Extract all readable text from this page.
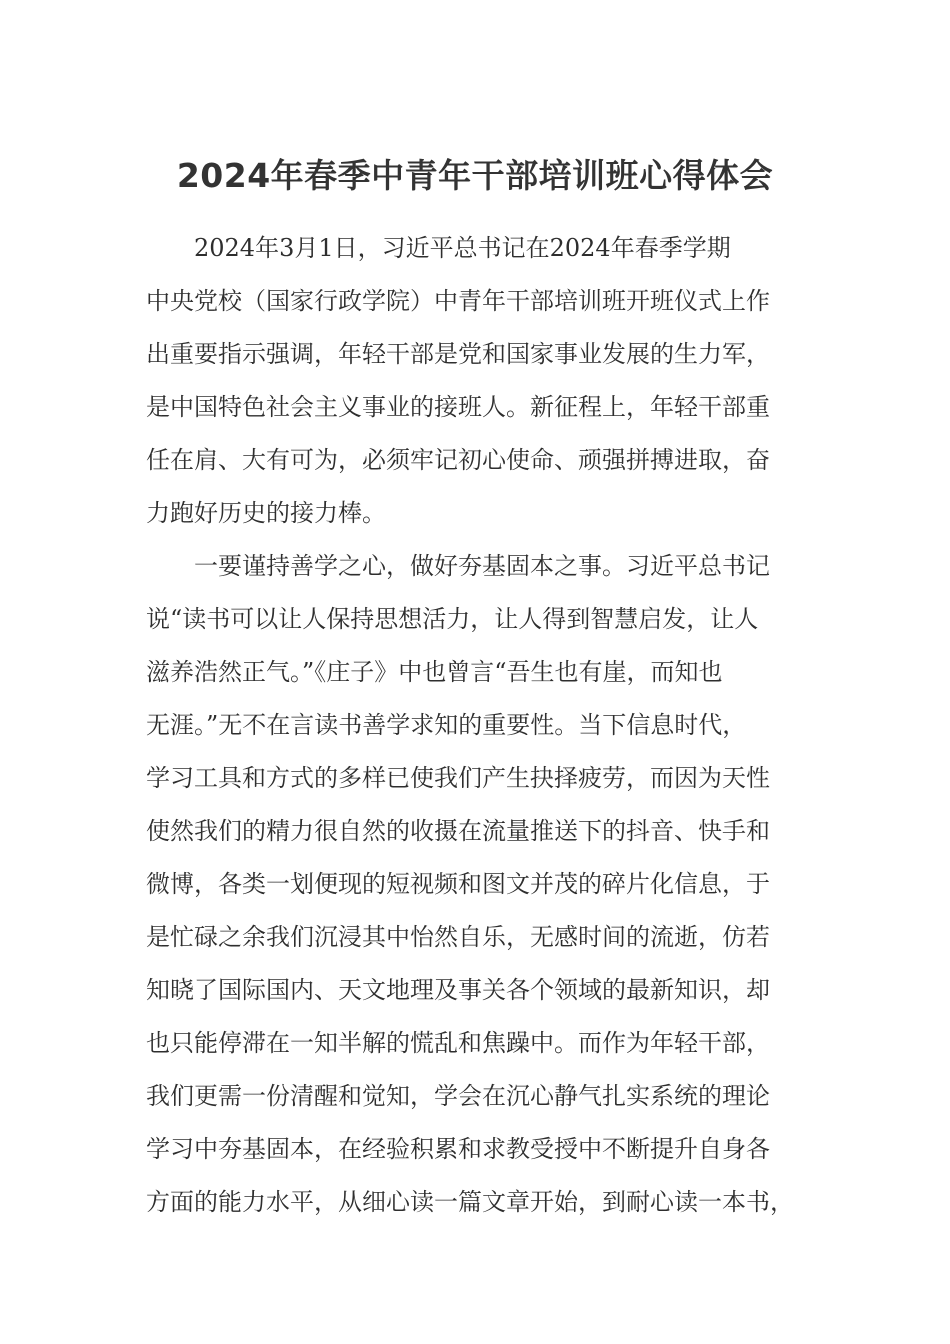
2024年春季中青年干部培训班心得体会
　　2024年3月1日，习近平总书记在2024年春季学期
中央党校（国家行政学院）中青年干部培训班开班仪式上作
出重要指示强调，年轻干部是党和国家事业发展的生力军，
是中国特色社会主义事业的接班人。新征程上，年轻干部重
任在肩、大有可为，必须牢记初心使命、顽强拼搏进取，奋
力跑好历史的接力棒。
　　一要谨持善学之心，做好夯基固本之事。习近平总书记
说“读书可以让人保持思想活力，让人得到智慧启发，让人
滋养浩然正气。”《庄子》中也曾言“吾生也有崖，而知也
无涯。”无不在言读书善学求知的重要性。当下信息时代，
学习工具和方式的多样已使我们产生抉择疲劳，而因为天性
使然我们的精力很自然的收摄在流量推送下的抖音、快手和
微博，各类一划便现的短视频和图文并茂的碎片化信息，于
是忙碌之余我们沉浸其中怡然自乐，无感时间的流逝，仿若
知晓了国际国内、天文地理及事关各个领域的最新知识，却
也只能停滞在一知半解的慌乱和焦躁中。而作为年轻干部，
我们更需一份清醒和觉知，学会在沉心静气扎实系统的理论
学习中夯基固本，在经验积累和求教受授中不断提升自身各
方面的能力水平，从细心读一篇文章开始，到耐心读一本书，
